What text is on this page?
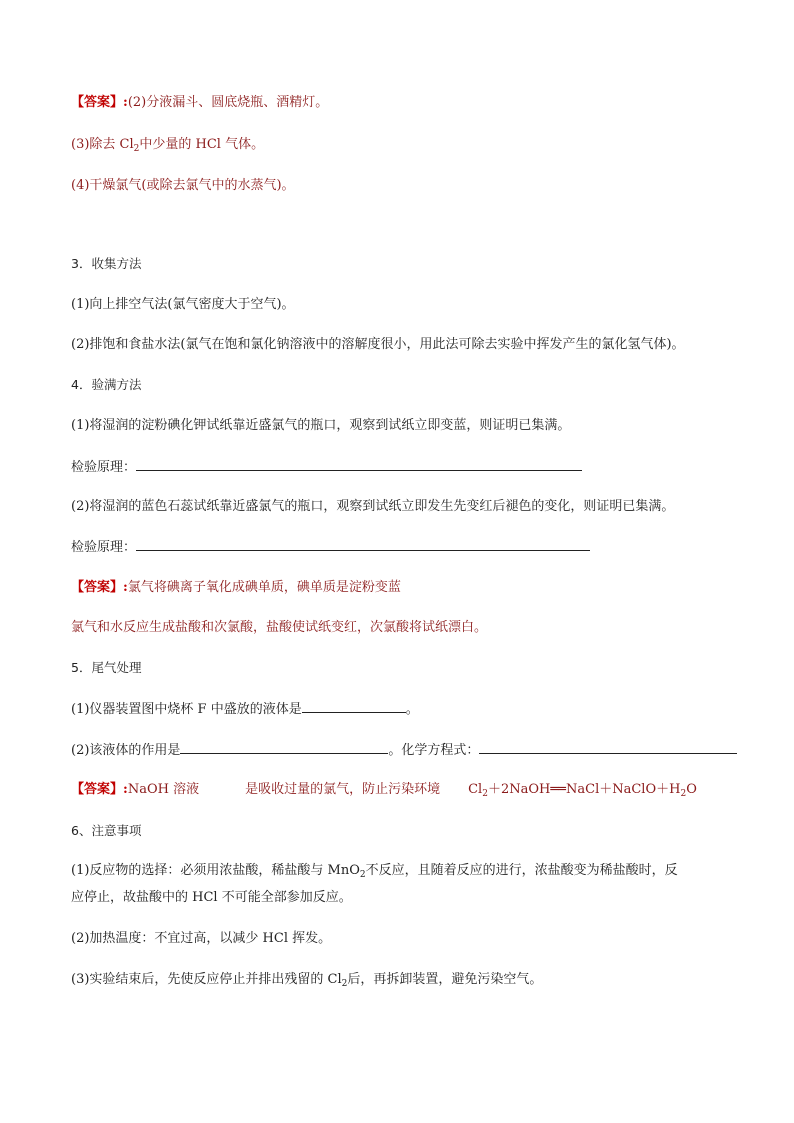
【答案】:(2)分液漏斗、圆底烧瓶、酒精灯。
(3)除去 $Cl_2$中少量的 HCl 气体。
(4)干燥氯气(或除去氯气中的水蒸气)。
3．收集方法
(1)向上排空气法(氯气密度大于空气)。
(2)排饱和食盐水法(氯气在饱和氯化钠溶液中的溶解度很小，用此法可除去实验中挥发产生的氯化氢气体)。
4．验满方法
(1)将湿润的淀粉碘化钾试纸靠近盛氯气的瓶口，观察到试纸立即变蓝，则证明已集满。
检验原理：
(2)将湿润的蓝色石蕊试纸靠近盛氯气的瓶口，观察到试纸立即发生先变红后褪色的变化，则证明已集满。
检验原理：
【答案】:氯气将碘离子氧化成碘单质，碘单质是淀粉变蓝
氯气和水反应生成盐酸和次氯酸，盐酸使试纸变红，次氯酸将试纸漂白。
5．尾气处理
(1)仪器装置图中烧杯 F 中盛放的液体是	。
(2)该液体的作用是	。化学方程式：
【答案】:NaOH 溶液	是吸收过量的氯气，防止污染环境 $Cl_2+2NaOH══NaCl+NaClO+H_2O$
6、注意事项
(1)反应物的选择：必须用浓盐酸，稀盐酸与 MnO$_2$不反应，且随着反应的进行，浓盐酸变为稀盐酸时，反
应停止，故盐酸中的 HCl 不可能全部参加反应。
(2)加热温度：不宜过高，以减少 HCl 挥发。
(3)实验结束后，先使反应停止并排出残留的 $Cl_2$后，再拆卸装置，避免污染空气。
